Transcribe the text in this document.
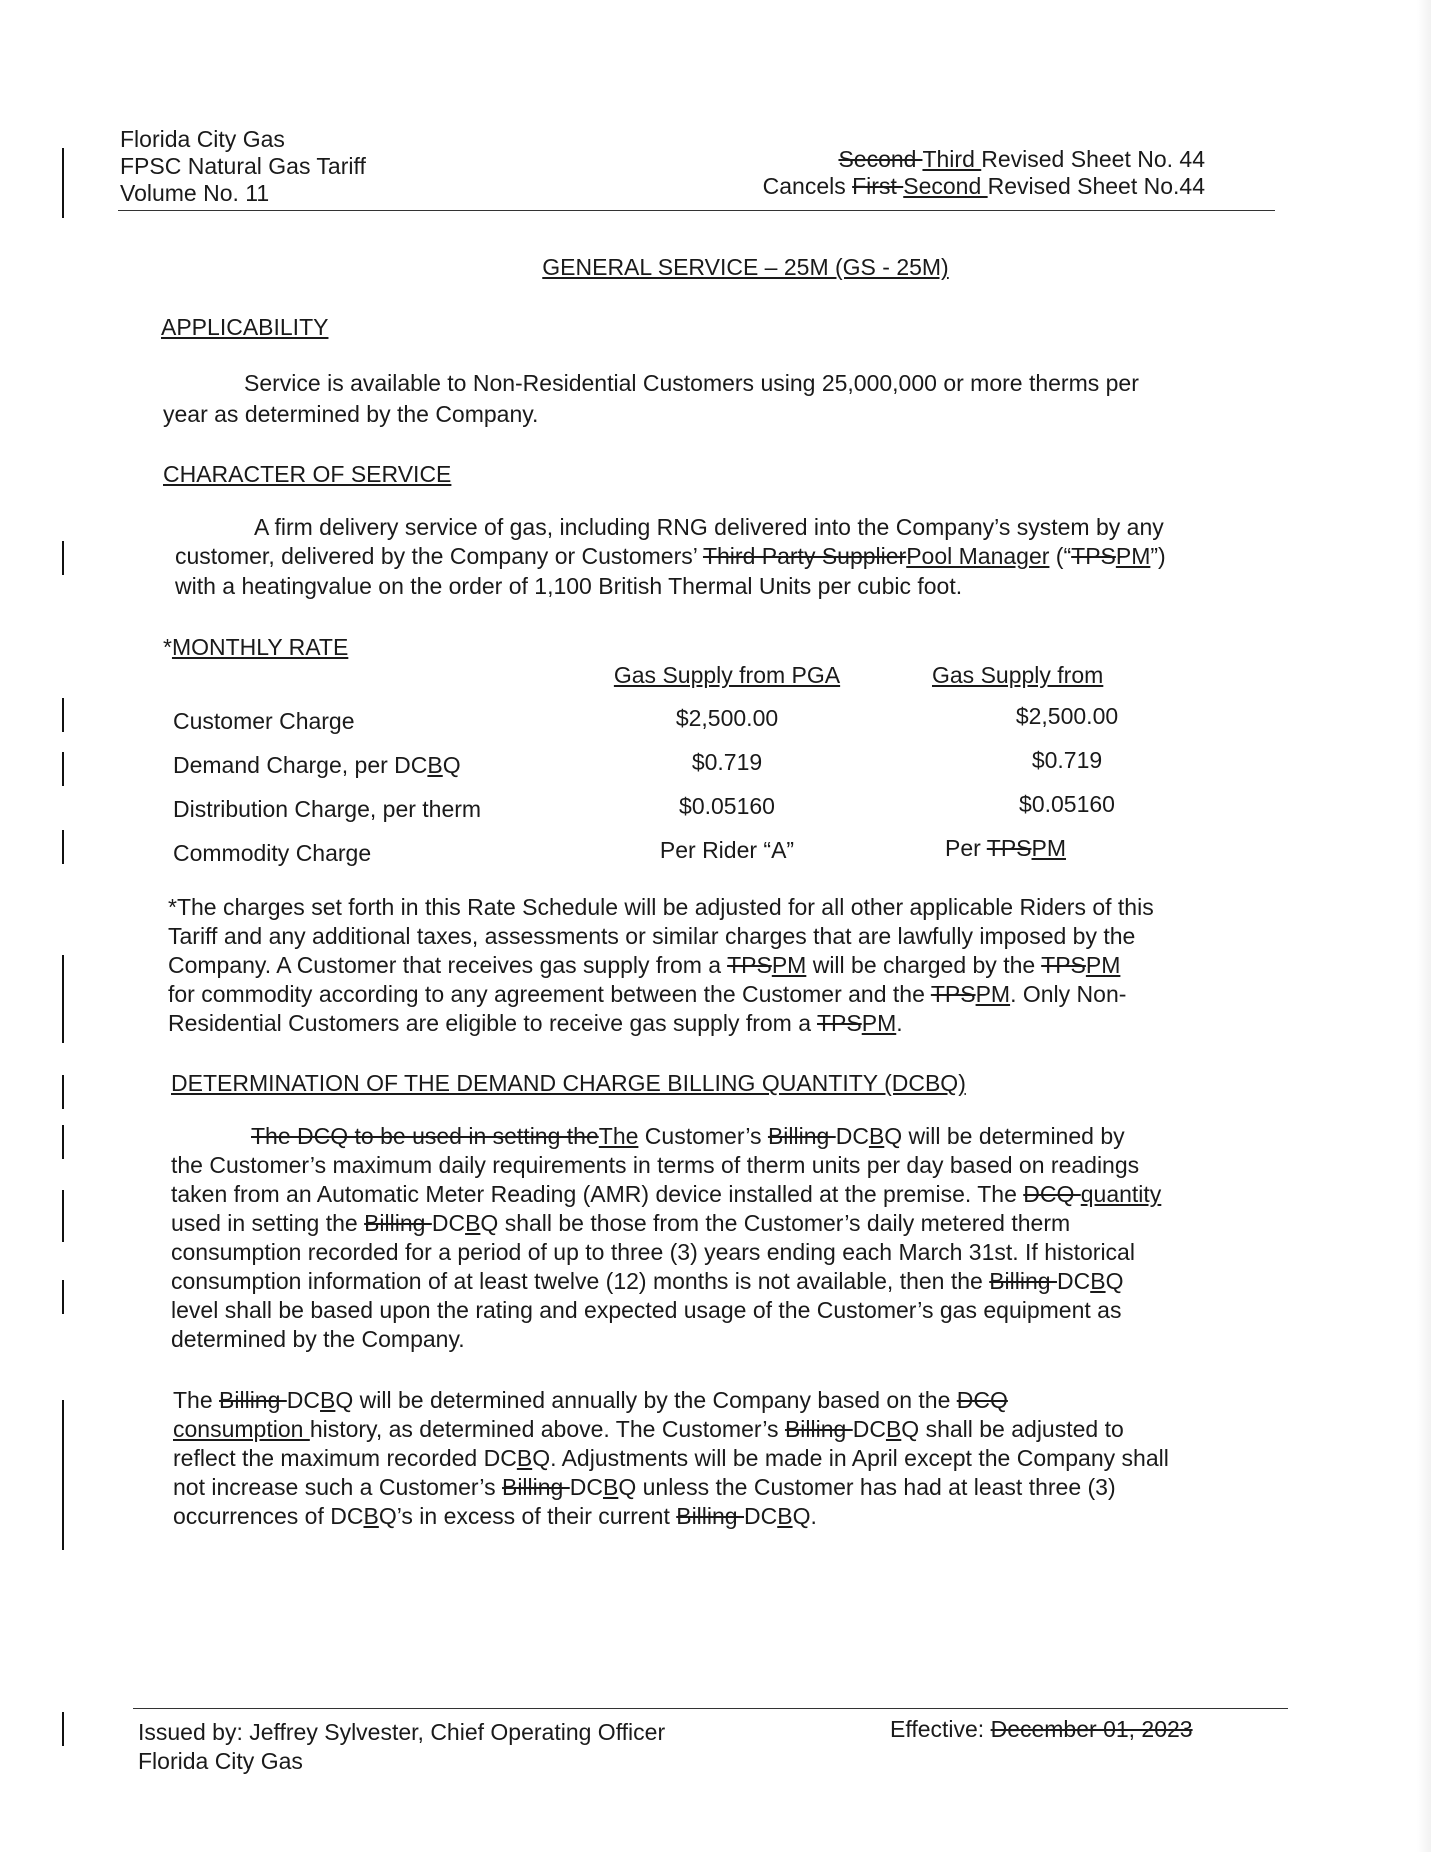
Florida City Gas
FPSC Natural Gas Tariff
Volume No. 11
Second Third Revised Sheet No. 44
Cancels First Second Revised Sheet No.44
GENERAL SERVICE – 25M (GS - 25M)
APPLICABILITY
Service is available to Non-Residential Customers using 25,000,000 or more therms per
year as determined by the Company.
CHARACTER OF SERVICE
A firm delivery service of gas, including RNG delivered into the Company’s system by any
customer, delivered by the Company or Customers’ Third Party SupplierPool Manager (“TPSPM”)
with a heatingvalue on the order of 1,100 British Thermal Units per cubic foot.
*MONTHLY RATE
Gas Supply from PGA	Gas Supply from
Customer Charge	$2,500.00	$2,500.00
Demand Charge, per DCBQ	$0.719	$0.719
Distribution Charge, per therm	$0.05160	$0.05160
Commodity Charge	Per Rider “A”	Per TPSPM
*The charges set forth in this Rate Schedule will be adjusted for all other applicable Riders of this
Tariff and any additional taxes, assessments or similar charges that are lawfully imposed by the
Company. A Customer that receives gas supply from a TPSPM will be charged by the TPSPM
for commodity according to any agreement between the Customer and the TPSPM. Only Non-
Residential Customers are eligible to receive gas supply from a TPSPM.
DETERMINATION OF THE DEMAND CHARGE BILLING QUANTITY (DCBQ)
The DCQ to be used in setting theThe Customer’s Billing DCBQ will be determined by
the Customer’s maximum daily requirements in terms of therm units per day based on readings
taken from an Automatic Meter Reading (AMR) device installed at the premise. The DCQ quantity
used in setting the Billing DCBQ shall be those from the Customer’s daily metered therm
consumption recorded for a period of up to three (3) years ending each March 31st. If historical
consumption information of at least twelve (12) months is not available, then the Billing DCBQ
level shall be based upon the rating and expected usage of the Customer’s gas equipment as
determined by the Company.
The Billing DCBQ will be determined annually by the Company based on the DCQ
consumption history, as determined above. The Customer’s Billing DCBQ shall be adjusted to
reflect the maximum recorded DCBQ. Adjustments will be made in April except the Company shall
not increase such a Customer’s Billing DCBQ unless the Customer has had at least three (3)
occurrences of DCBQ’s in excess of their current Billing DCBQ.
Issued by: Jeffrey Sylvester, Chief Operating Officer
Florida City Gas
Effective: December 01, 2023
